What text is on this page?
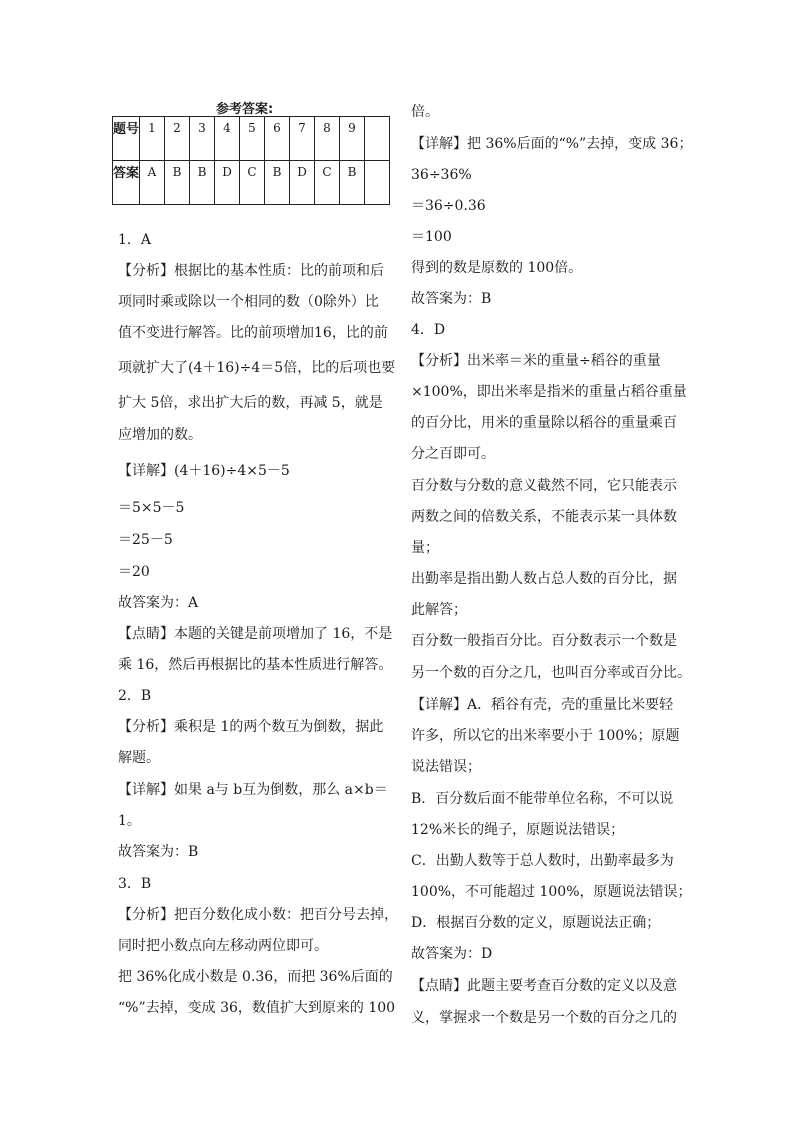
参考答案:
题号	1	2	3	4	5	6	7	8	9	
答案	A	B	B	D	C	B	D	C	B	
1．A
【分析】根据比的基本性质：比的前项和后
项同时乘或除以一个相同的数（0除外）比
值不变进行解答。比的前项增加16，比的前
项就扩大了(4＋16)÷4＝5倍，比的后项也要
扩大 5倍，求出扩大后的数，再减 5，就是
应增加的数。
【详解】(4＋16)÷4×5－5
＝5×5－5
＝25－5
＝20
故答案为：A
【点睛】本题的关键是前项增加了 16，不是
乘 16，然后再根据比的基本性质进行解答。
2．B
【分析】乘积是 1的两个数互为倒数，据此
解题。
【详解】如果 a与 b互为倒数，那么 a×b＝
1。
故答案为：B
3．B
【分析】把百分数化成小数：把百分号去掉，
同时把小数点向左移动两位即可。
把 36%化成小数是 0.36，而把 36%后面的
“%”去掉，变成 36，数值扩大到原来的 100
倍。
【详解】把 36%后面的“%”去掉，变成 36；
36÷36%
＝36÷0.36
＝100
得到的数是原数的 100倍。
故答案为：B
4．D
【分析】出米率＝米的重量÷稻谷的重量
×100%，即出米率是指米的重量占稻谷重量
的百分比，用米的重量除以稻谷的重量乘百
分之百即可。
百分数与分数的意义截然不同，它只能表示
两数之间的倍数关系，不能表示某一具体数
量；
出勤率是指出勤人数占总人数的百分比，据
此解答；
百分数一般指百分比。百分数表示一个数是
另一个数的百分之几，也叫百分率或百分比。
【详解】A．稻谷有壳，壳的重量比米要轻
许多，所以它的出米率要小于 100%；原题
说法错误；
B．百分数后面不能带单位名称，不可以说
12%米长的绳子，原题说法错误；
C．出勤人数等于总人数时，出勤率最多为
100%，不可能超过 100%，原题说法错误；
D．根据百分数的定义，原题说法正确；
故答案为：D
【点睛】此题主要考查百分数的定义以及意
义，掌握求一个数是另一个数的百分之几的
